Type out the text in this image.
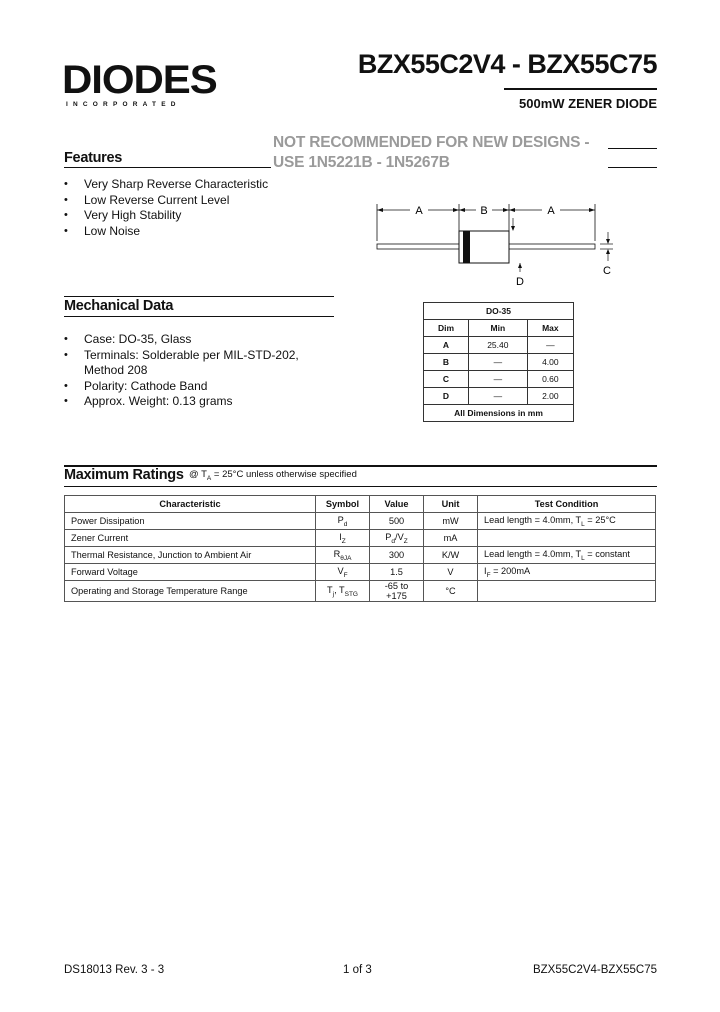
DIODES
INCORPORATED
BZX55C2V4 - BZX55C75
500mW ZENER DIODE
NOT RECOMMENDED FOR NEW DESIGNS -
USE 1N5221B - 1N5267B
Features
• Very Sharp Reverse Characteristic
• Low Reverse Current Level
• Very High Stability
• Low Noise
A	B	A
C
D
Mechanical Data
• Case: DO-35, Glass
• Terminals: Solderable per MIL-STD-202,
Method 208
• Polarity: Cathode Band
• Approx. Weight: 0.13 grams
DO-35		
Dim	Min	Max
A	25.40	—
B	—	4.00
C	—	0.60
D	—	2.00
All Dimensions in mm		
Maximum Ratings @ $T_A = 25^\circ C$ unless otherwise specified
Characteristic	Symbol	Value	Unit	Test Condition
Power Dissipation	$P_d$	500	mW	Lead length = 4.0mm, $T_L = 25^\circ C$
Zener Current	$I_Z$	$P_d/V_Z$	mA	
Thermal Resistance, Junction to Ambient Air	$R_{\theta JA}$	300	K/W	Lead length = 4.0mm, $T_L$ = constant
Forward Voltage	$V_F$	1.5	V	$I_F = 200mA$
Operating and Storage Temperature Range	$T_j$, $T_{STG}$	-65 to +175	°C	
DS18013 Rev. 3 - 3	1 of 3	BZX55C2V4-BZX55C75
